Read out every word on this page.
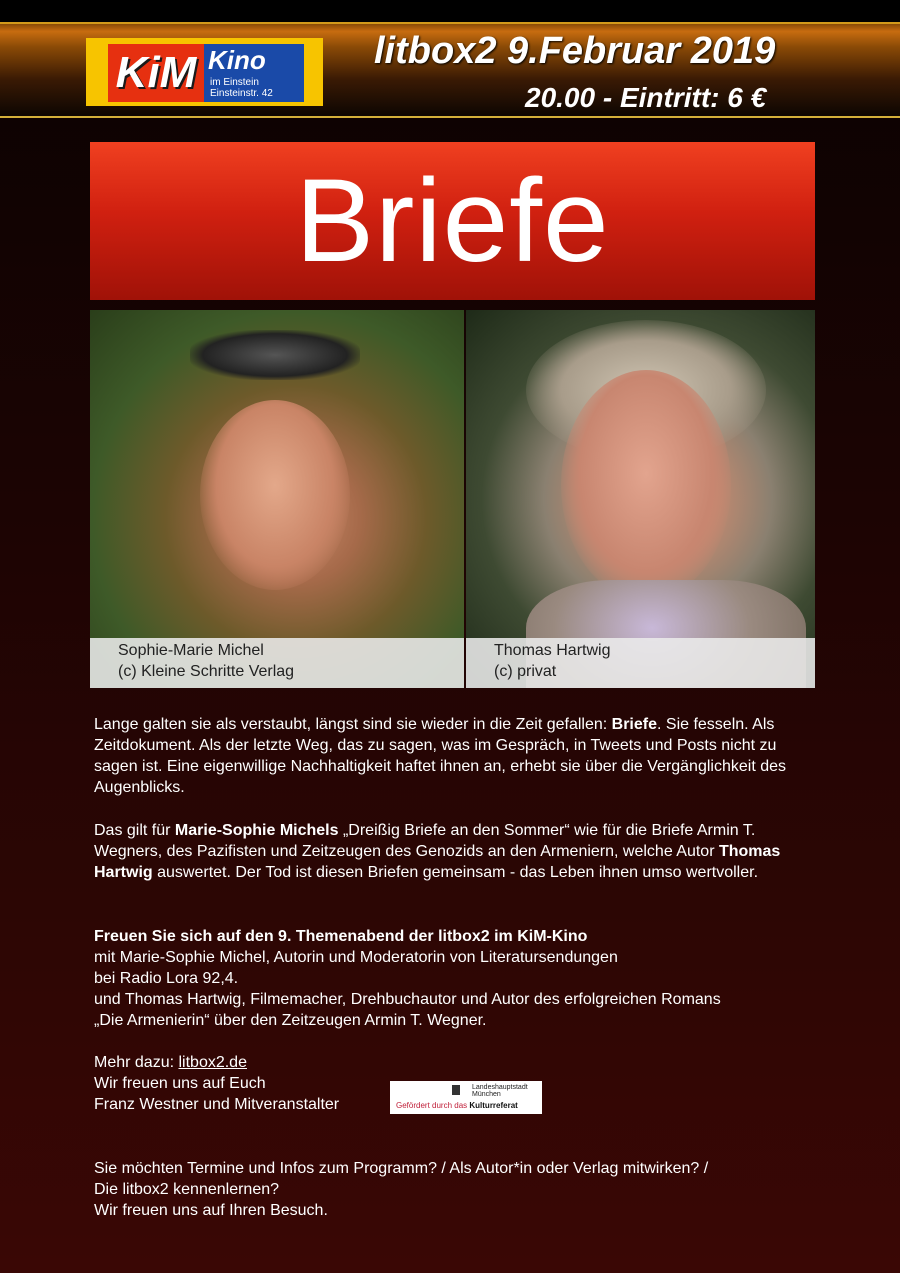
KiM Kino
im Einstein
Einsteinstr. 42
litbox2 9.Februar 2019
20.00 - Eintritt: 6 €
Briefe
Sophie-Marie Michel
(c) Kleine Schritte Verlag
Thomas Hartwig
(c) privat

Lange galten sie als verstaubt, längst sind sie wieder in die Zeit gefallen: Briefe. Sie fesseln. Als Zeitdokument. Als der letzte Weg, das zu sagen, was im Gespräch, in Tweets und Posts nicht zu sagen ist. Eine eigenwillige Nachhaltigkeit haftet ihnen an, erhebt sie über die Vergänglichkeit des Augenblicks.

Das gilt für Marie-Sophie Michels „Dreißig Briefe an den Sommer“ wie für die Briefe Armin T. Wegners, des Pazifisten und Zeitzeugen des Genozids an den Armeniern, welche Autor Thomas Hartwig auswertet. Der Tod ist diesen Briefen gemeinsam - das Leben ihnen umso wertvoller.

Freuen Sie sich auf den 9. Themenabend der litbox2 im KiM-Kino

mit Marie-Sophie Michel, Autorin und Moderatorin von Literatursendungen

bei Radio Lora 92,4.

und Thomas Hartwig, Filmemacher, Drehbuchautor und Autor des erfolgreichen Romans

„Die Armenierin“ über den Zeitzeugen Armin T. Wegner.

Mehr dazu: litbox2.de

Wir freuen uns auf Euch

Franz Westner und Mitveranstalter

Landeshauptstadt
München
Gefördert durch das Kulturreferat

Sie möchten Termine und Infos zum Programm? / Als Autor*in oder Verlag mitwirken? /

Die litbox2 kennenlernen?

Wir freuen uns auf Ihren Besuch.
